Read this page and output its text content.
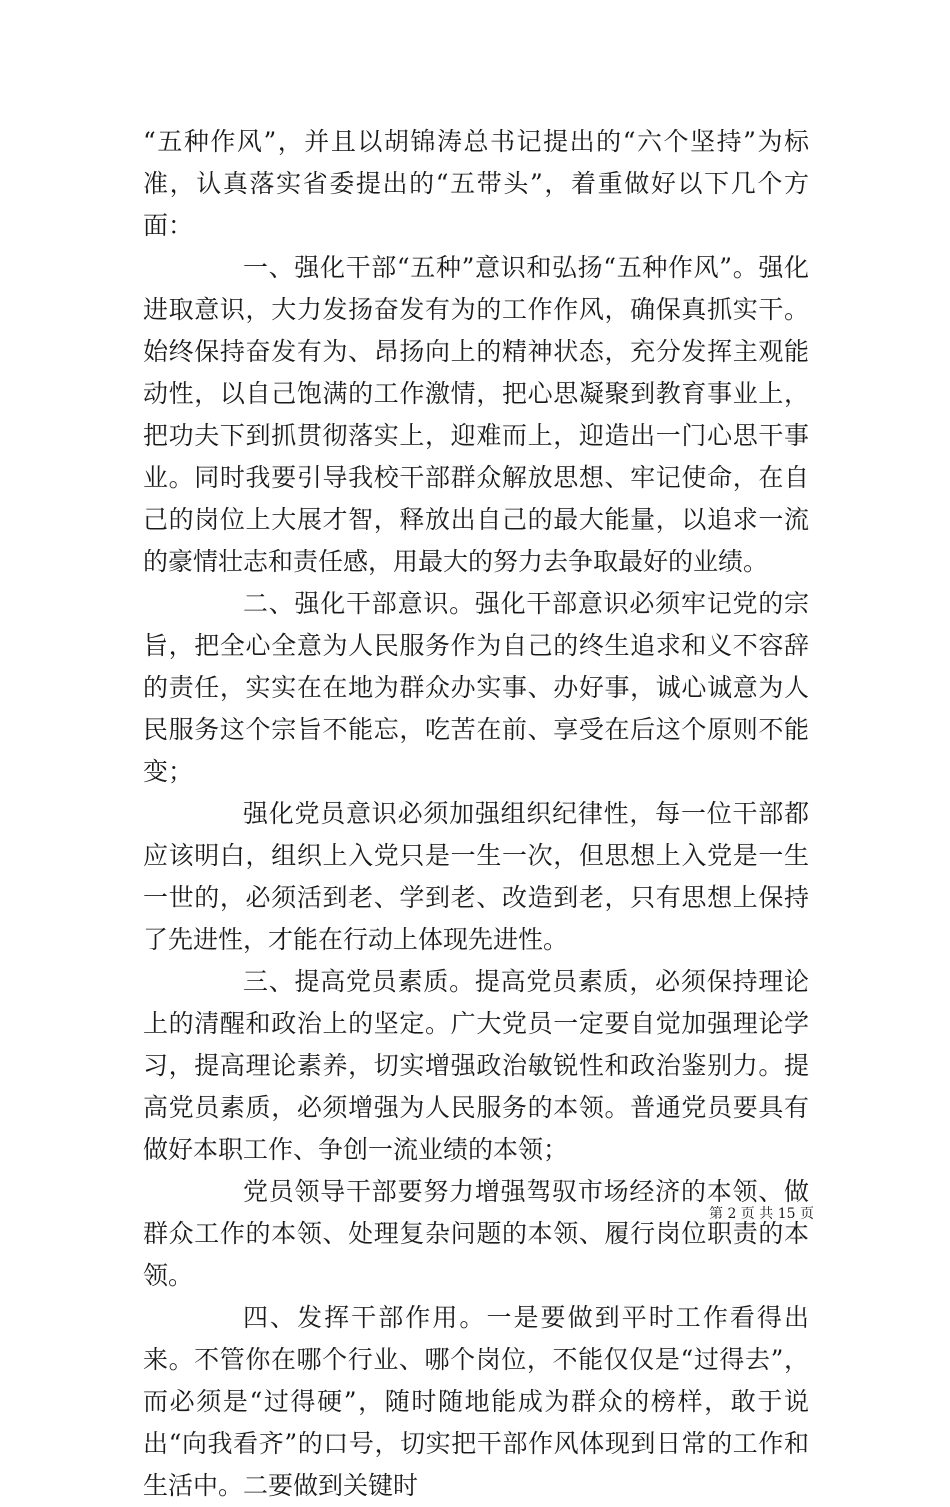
“五种作风”，并且以胡锦涛总书记提出的“六个坚持”为标准，认真落实省委提出的“五带头”，着重做好以下几个方面：

一、强化干部“五种”意识和弘扬“五种作风”。强化进取意识，大力发扬奋发有为的工作作风，确保真抓实干。始终保持奋发有为、昂扬向上的精神状态，充分发挥主观能动性，以自己饱满的工作激情，把心思凝聚到教育事业上，把功夫下到抓贯彻落实上，迎难而上，迎造出一门心思干事业。同时我要引导我校干部群众解放思想、牢记使命，在自己的岗位上大展才智，释放出自己的最大能量，以追求一流的豪情壮志和责任感，用最大的努力去争取最好的业绩。

二、强化干部意识。强化干部意识必须牢记党的宗旨，把全心全意为人民服务作为自己的终生追求和义不容辞的责任，实实在在地为群众办实事、办好事，诚心诚意为人民服务这个宗旨不能忘，吃苦在前、享受在后这个原则不能变；

强化党员意识必须加强组织纪律性，每一位干部都应该明白，组织上入党只是一生一次，但思想上入党是一生一世的，必须活到老、学到老、改造到老，只有思想上保持了先进性，才能在行动上体现先进性。

三、提高党员素质。提高党员素质，必须保持理论上的清醒和政治上的坚定。广大党员一定要自觉加强理论学习，提高理论素养，切实增强政治敏锐性和政治鉴别力。提高党员素质，必须增强为人民服务的本领。普通党员要具有做好本职工作、争创一流业绩的本领；

党员领导干部要努力增强驾驭市场经济的本领、做群众工作的本领、处理复杂问题的本领、履行岗位职责的本领。

四、发挥干部作用。一是要做到平时工作看得出来。不管你在哪个行业、哪个岗位，不能仅仅是“过得去”，而必须是“过得硬”，随时随地能成为群众的榜样，敢于说出“向我看齐”的口号，切实把干部作风体现到日常的工作和生活中。二要做到关键时

第 2 页 共 15 页
